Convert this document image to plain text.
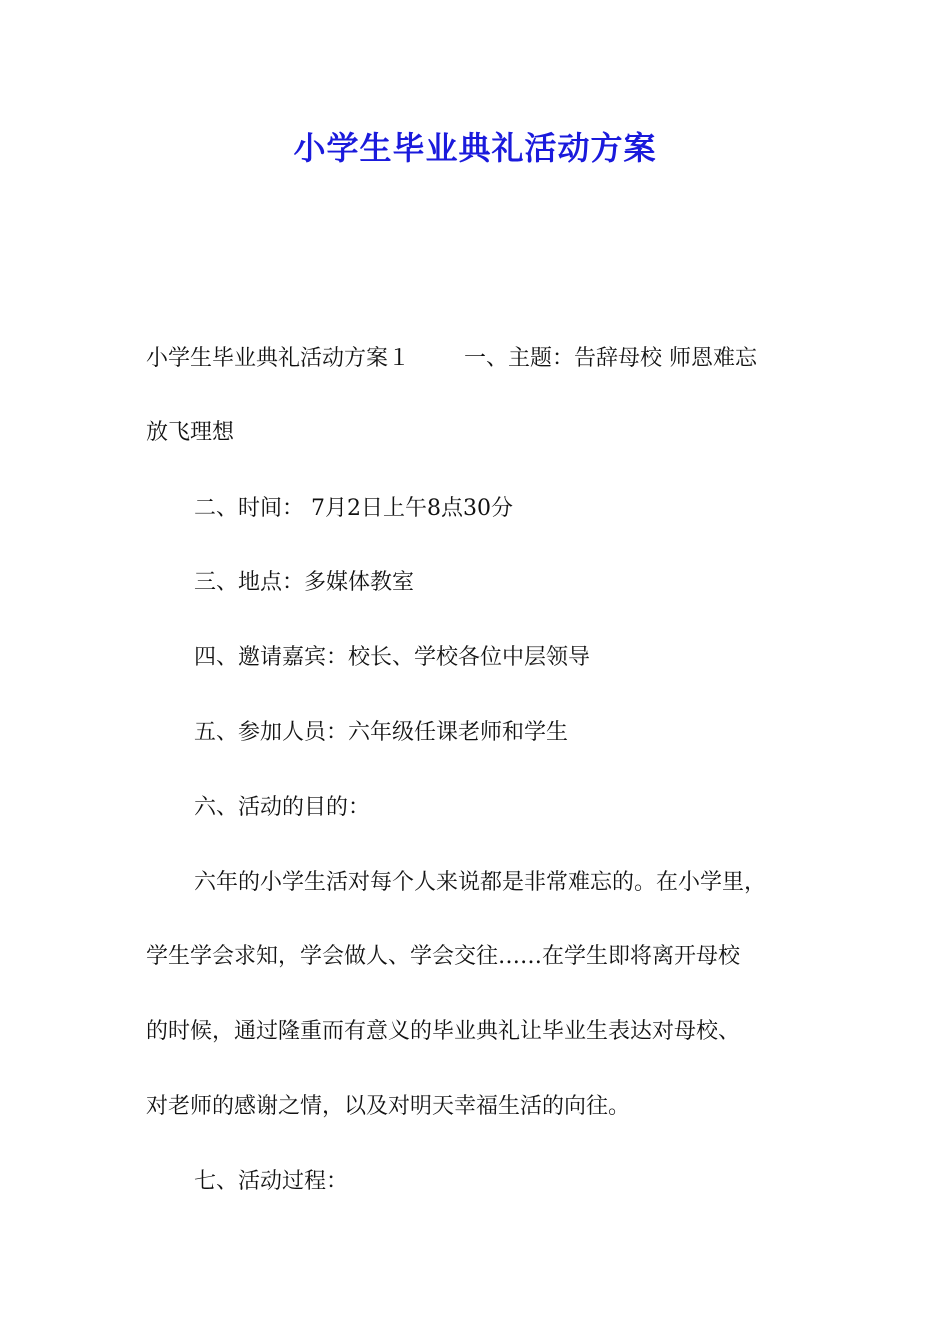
小学生毕业典礼活动方案

小学生毕业典礼活动方案１ 一、主题：告辞母校 师恩难忘

放飞理想

二、时间： 7月2日上午8点30分

三、地点：多媒体教室

四、邀请嘉宾：校长、学校各位中层领导

五、参加人员：六年级任课老师和学生

六、活动的目的：

六年的小学生活对每个人来说都是非常难忘的。在小学里，

学生学会求知，学会做人、学会交往……在学生即将离开母校

的时候，通过隆重而有意义的毕业典礼让毕业生表达对母校、

对老师的感谢之情，以及对明天幸福生活的向往。

七、活动过程：
